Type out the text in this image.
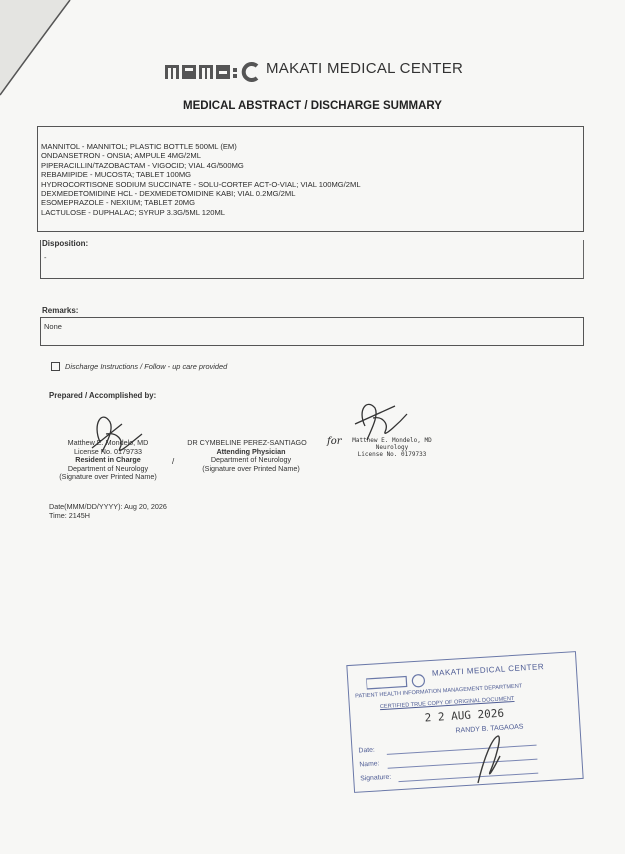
MAKATI MEDICAL CENTER
MEDICAL ABSTRACT / DISCHARGE SUMMARY
MANNITOL - MANNITOL; PLASTIC BOTTLE 500ML (EM)
ONDANSETRON - ONSIA; AMPULE 4MG/2ML
PIPERACILLIN/TAZOBACTAM - VIGOCID; VIAL 4G/500MG
REBAMIPIDE - MUCOSTA; TABLET 100MG
HYDROCORTISONE SODIUM SUCCINATE - SOLU-CORTEF ACT-O-VIAL; VIAL 100MG/2ML
DEXMEDETOMIDINE HCL - DEXMEDETOMIDINE KABI; VIAL 0.2MG/2ML
ESOMEPRAZOLE - NEXIUM; TABLET 20MG
LACTULOSE - DUPHALAC; SYRUP 3.3G/5ML 120ML
Disposition:
-
Remarks:
None
Discharge Instructions / Follow - up care provided
Prepared / Accomplished by:
Matthew E. Mondelo, MD
License No. 0179733
Resident in Charge
Department of Neurology
(Signature over Printed Name)
/
DR CYMBELINE PEREZ-SANTIAGO
Attending Physician
Department of Neurology
(Signature over Printed Name)
for	Matthew E. Mondelo, MD
Neurology
License No. 0179733
Date(MMM/DD/YYYY): Aug 20, 2026
Time: 2145H
MAKATI MEDICAL CENTER
PATIENT HEALTH INFORMATION MANAGEMENT DEPARTMENT
CERTIFIED TRUE COPY OF ORIGINAL DOCUMENT
2 2 AUG 2026
RANDY B. TAGAOAS
Date:
Name:
Signature:
